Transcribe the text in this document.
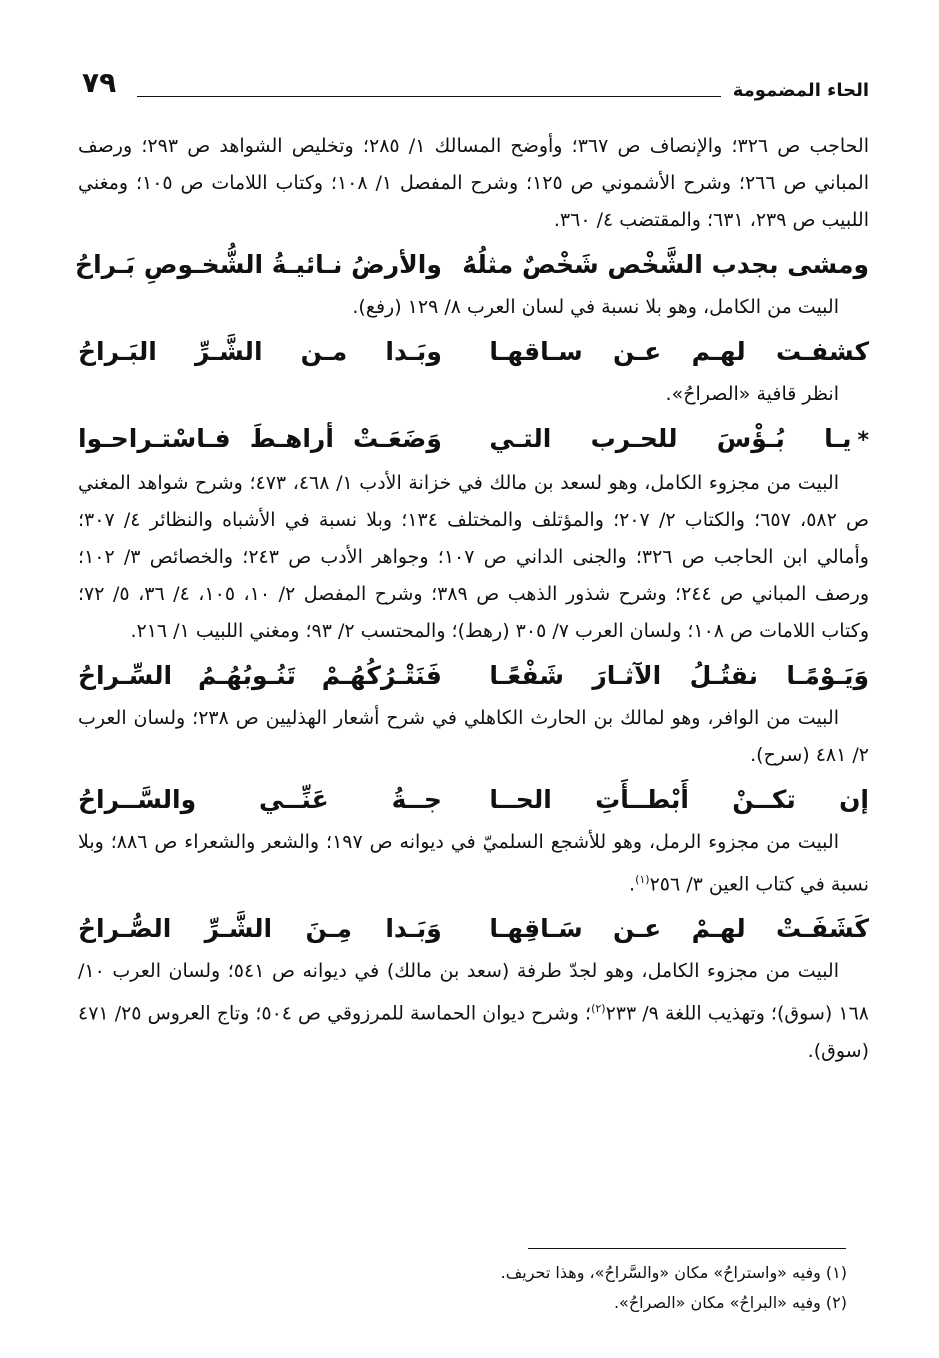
الحاء المضمومة
٧٩

الحاجب ص ٣٢٦؛ والإنصاف ص ٣٦٧؛ وأوضح المسالك ١/ ٢٨٥؛ وتخليص الشواهد ص ٢٩٣؛ ورصف المباني ص ٢٦٦؛ وشرح الأشموني ص ١٢٥؛ وشرح المفصل ١/ ١٠٨؛ وكتاب اللامات ص ١٠٥؛ ومغني اللبيب ص ٢٣٩، ٦٣١؛ والمقتضب ٤/ ٣٦٠.

ومشى بجدب الشَّخْص شَخْصٌ مثلُهُ
والأرضُ نـائيـةُ الشُّخـوصِ بَـراحُ

البيت من الكامل، وهو بلا نسبة في لسان العرب ٨/ ١٢٩ (رفع).

كشفـت لهـم عـن سـاقهـا
وبَـدا مـن الشَّـرِّ البَـراحُ

انظر قافية «الصراحُ».

*يـا بُـؤْسَ للحـرب التـي
وَضَعَـتْ أراهـطَ فـاسْتـراحـوا

البيت من مجزوء الكامل، وهو لسعد بن مالك في خزانة الأدب ١/ ٤٦٨، ٤٧٣؛ وشرح شواهد المغني ص ٥٨٢، ٦٥٧؛ والكتاب ٢/ ٢٠٧؛ والمؤتلف والمختلف ١٣٤؛ وبلا نسبة في الأشباه والنظائر ٤/ ٣٠٧؛ وأمالي ابن الحاجب ص ٣٢٦؛ والجنى الداني ص ١٠٧؛ وجواهر الأدب ص ٢٤٣؛ والخصائص ٣/ ١٠٢؛ ورصف المباني ص ٢٤٤؛ وشرح شذور الذهب ص ٣٨٩؛ وشرح المفصل ٢/ ١٠، ١٠٥، ٤/ ٣٦، ٥/ ٧٢؛ وكتاب اللامات ص ١٠٨؛ ولسان العرب ٧/ ٣٠٥ (رهط)؛ والمحتسب ٢/ ٩٣؛ ومغني اللبيب ١/ ٢١٦.

وَيَـوْمًـا نقتُـلُ الآثـارَ شَفْعًـا
فَنَتْـرُكُهُـمْ تَنُـوبُهُـمُ السِّـراحُ

البيت من الوافر، وهو لمالك بن الحارث الكاهلي في شرح أشعار الهذليين ص ٢٣٨؛ ولسان العرب ٢/ ٤٨١ (سرح).

إن تكــنْ أَبْطــأَتِ الحــا
جــةُ عَنِّــي والسَّــراحُ

البيت من مجزوء الرمل، وهو للأشجع السلميّ في ديوانه ص ١٩٧؛ والشعر والشعراء ص ٨٨٦؛ وبلا نسبة في كتاب العين ٣/ ٢٥٦$^{(١)}$.

كَشَفَـتْ لهـمْ عـن سَـاقِهـا
وَبَـدا مِـنَ الشَّـرِّ الصُّـراحُ

البيت من مجزوء الكامل، وهو لجدّ طرفة (سعد بن مالك) في ديوانه ص ٥٤١؛ ولسان العرب ١٠/ ١٦٨ (سوق)؛ وتهذيب اللغة ٩/ ٢٣٣$^{(٢)}$؛ وشرح ديوان الحماسة للمرزوقي ص ٥٠٤؛ وتاج العروس ٢٥/ ٤٧١ (سوق).

(١) وفيه «واستراحُ» مكان «والسَّراحُ»، وهذا تحريف.

(٢) وفيه «البراحُ» مكان «الصراحُ».
